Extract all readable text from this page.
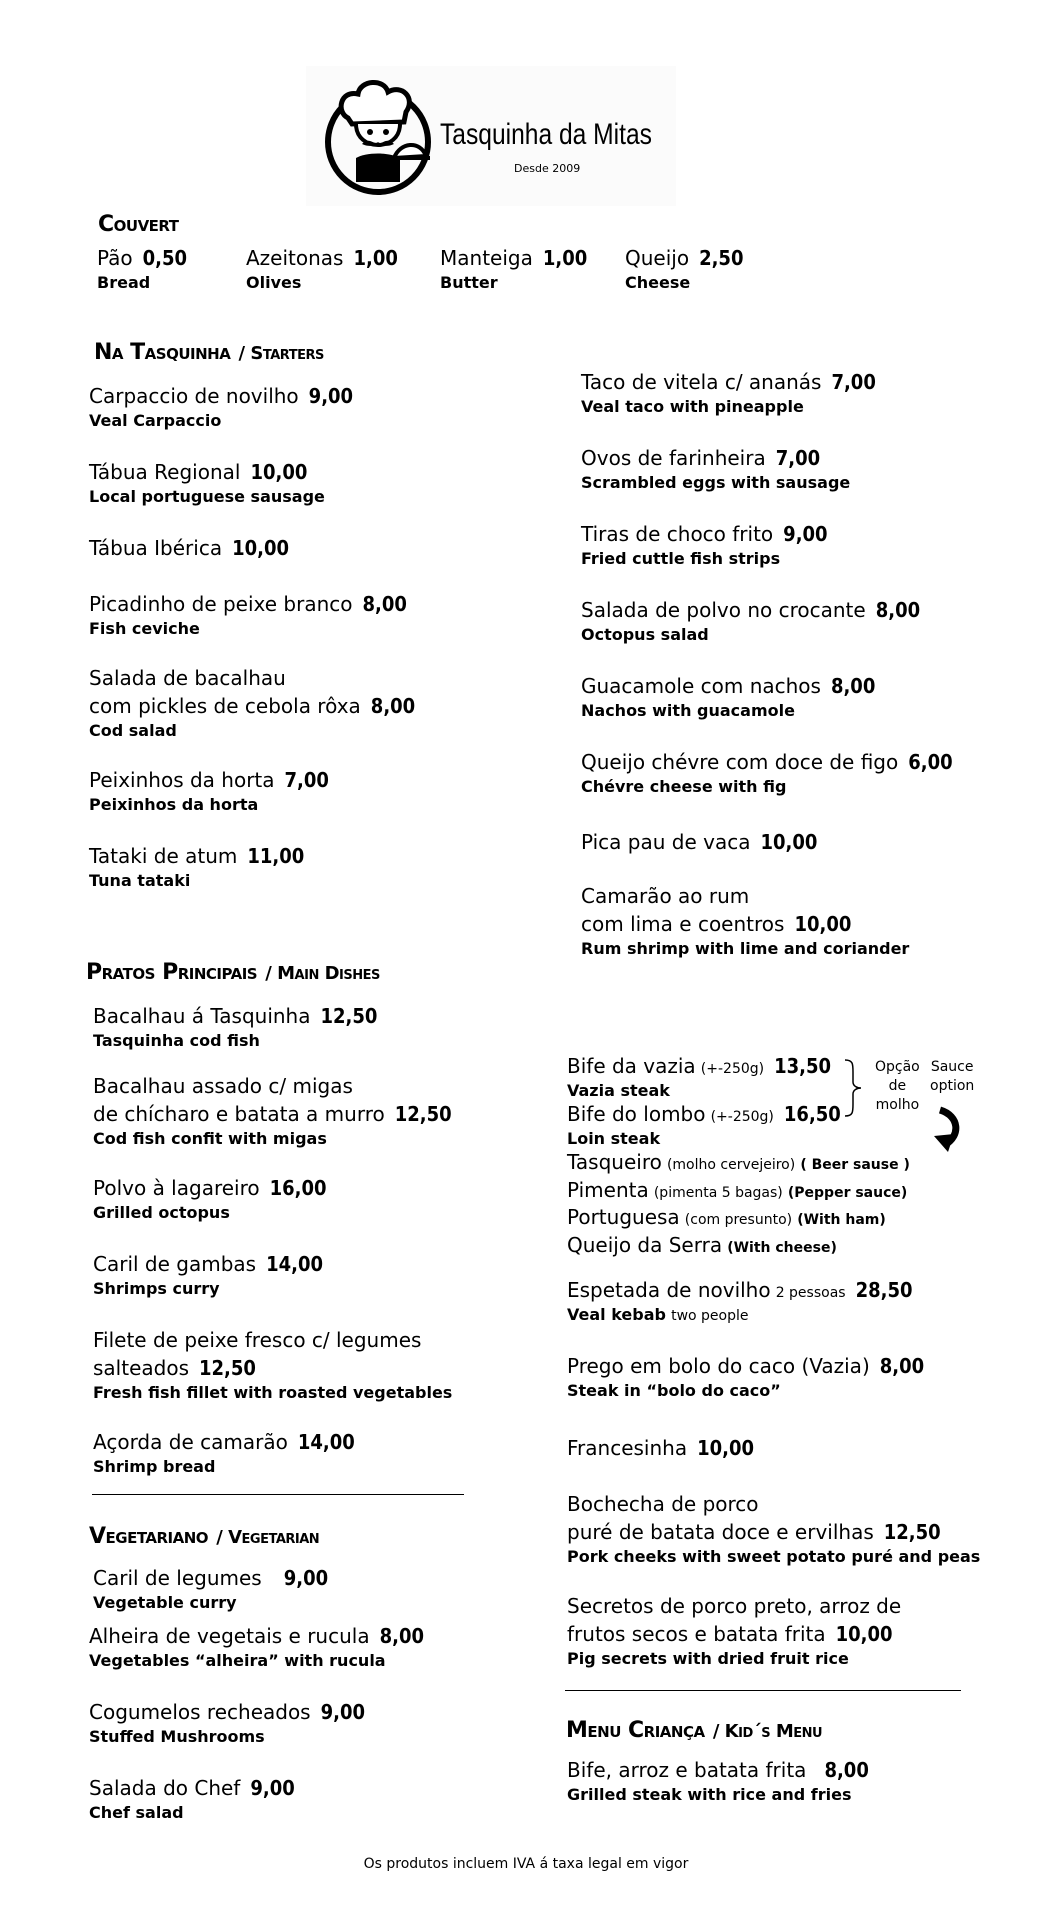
Tasquinha da Mitas
Desde 2009
Couvert
Pão 0,50
Bread
Azeitonas 1,00
Olives
Manteiga 1,00
Butter
Queijo 2,50
Cheese
Na Tasquinha / Starters
Carpaccio de novilho 9,00
Veal Carpaccio
Tábua Regional 10,00
Local portuguese sausage
Tábua Ibérica 10,00
Picadinho de peixe branco 8,00
Fish ceviche
Salada de bacalhau
com pickles de cebola rôxa 8,00
Cod salad
Peixinhos da horta 7,00
Peixinhos da horta
Tataki de atum 11,00
Tuna tataki
Taco de vitela c/ ananás 7,00
Veal taco with pineapple
Ovos de farinheira 7,00
Scrambled eggs with sausage
Tiras de choco frito 9,00
Fried cuttle fish strips
Salada de polvo no crocante 8,00
Octopus salad
Guacamole com nachos 8,00
Nachos with guacamole
Queijo chévre com doce de figo 6,00
Chévre cheese with fig
Pica pau de vaca 10,00
Camarão ao rum
com lima e coentros 10,00
Rum shrimp with lime and coriander
Pratos Principais / Main Dishes
Bacalhau á Tasquinha 12,50
Tasquinha cod fish
Bacalhau assado c/ migas
de chícharo e batata a murro 12,50
Cod fish confit with migas
Polvo à lagareiro 16,00
Grilled octopus
Caril de gambas 14,00
Shrimps curry
Filete de peixe fresco c/ legumes
salteados 12,50
Fresh fish fillet with roasted vegetables
Açorda de camarão 14,00
Shrimp bread
Bife da vazia (+-250g) 13,50
Vazia steak
Bife do lombo (+-250g) 16,50
Loin steak
Opção
de
molho
Sauce
option
Tasqueiro (molho cervejeiro) ( Beer sause )
Pimenta (pimenta 5 bagas) (Pepper sauce)
Portuguesa (com presunto) (With ham)
Queijo da Serra (With cheese)
Espetada de novilho 2 pessoas 28,50
Veal kebab two people
Prego em bolo do caco (Vazia) 8,00
Steak in “bolo do caco”
Francesinha 10,00
Bochecha de porco
puré de batata doce e ervilhas 12,50
Pork cheeks with sweet potato puré and peas
Secretos de porco preto, arroz de
frutos secos e batata frita 10,00
Pig secrets with dried fruit rice
Vegetariano / Vegetarian
Caril de legumes 9,00
Vegetable curry
Alheira de vegetais e rucula 8,00
Vegetables “alheira” with rucula
Cogumelos recheados 9,00
Stuffed Mushrooms
Salada do Chef 9,00
Chef salad
Menu Criança / Kid´s Menu
Bife, arroz e batata frita 8,00
Grilled steak with rice and fries
Os produtos incluem IVA á taxa legal em vigor
